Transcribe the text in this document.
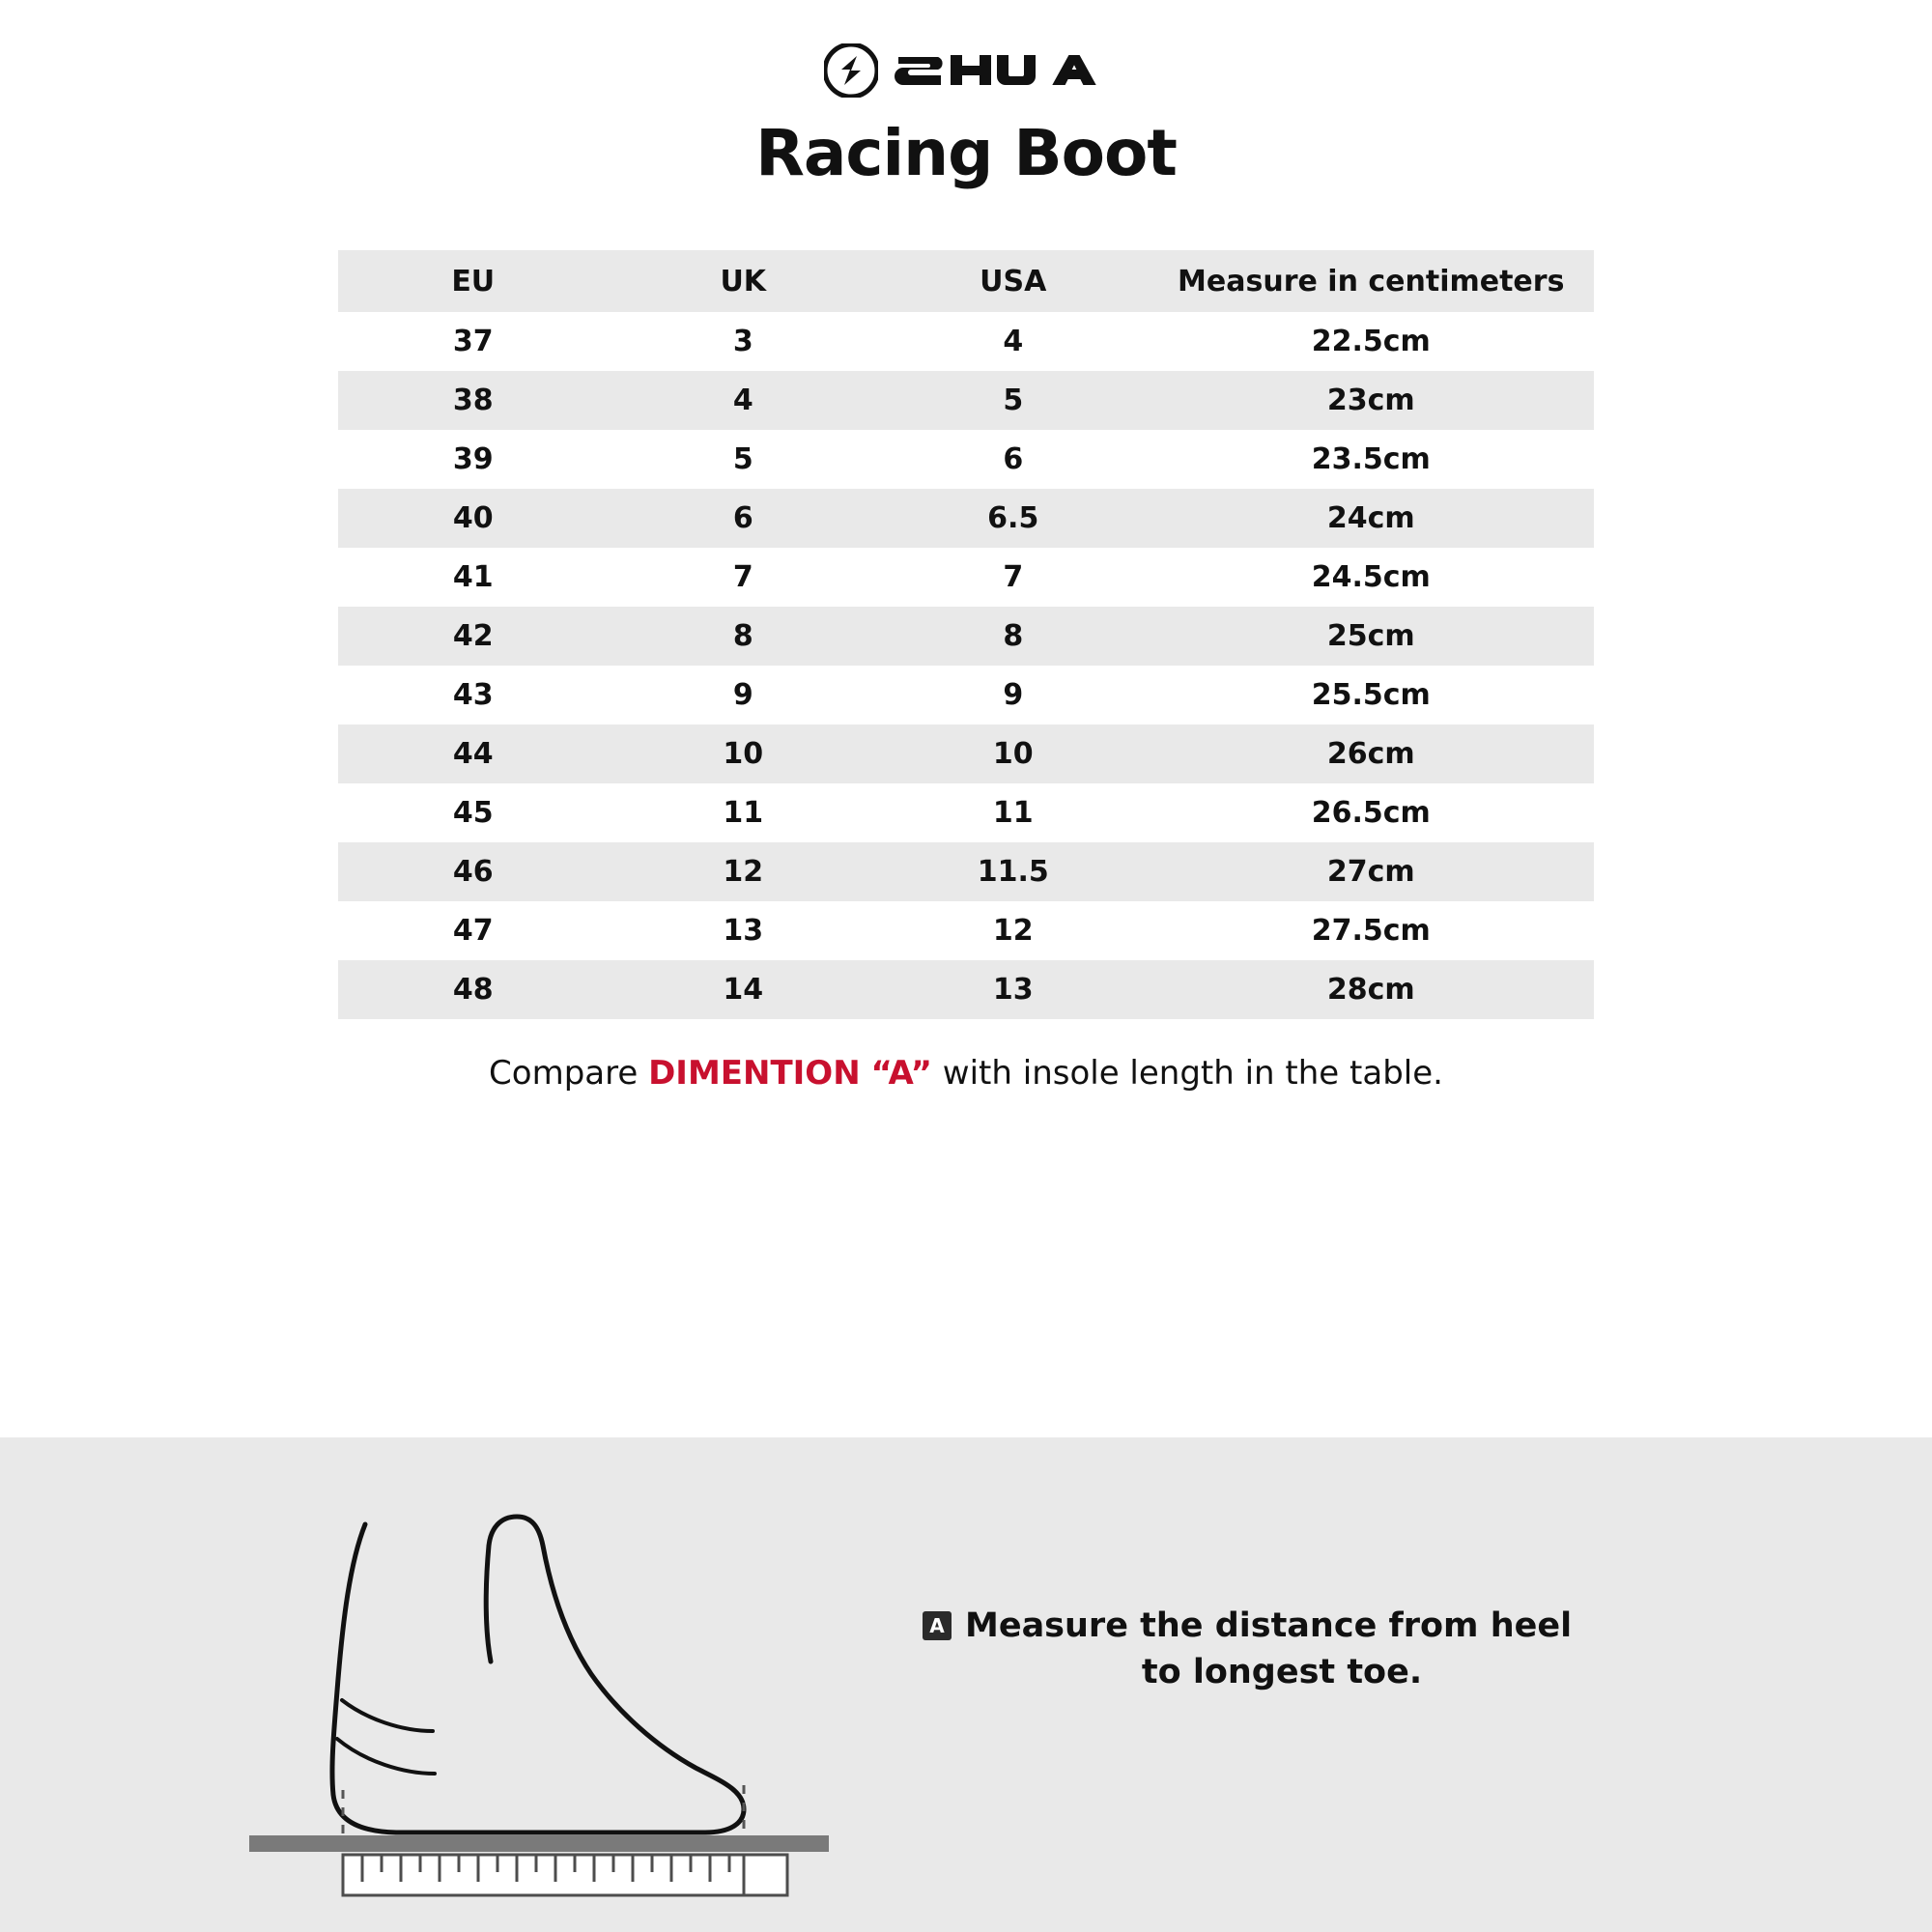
Racing Boot
EU	UK	USA	Measure in centimeters
37	3	4	22.5cm
38	4	5	23cm
39	5	6	23.5cm
40	6	6.5	24cm
41	7	7	24.5cm
42	8	8	25cm
43	9	9	25.5cm
44	10	10	26cm
45	11	11	26.5cm
46	12	11.5	27cm
47	13	12	27.5cm
48	14	13	28cm
Compare DIMENTION “A” with insole length in the table.
A Measure the distance from heel
to longest toe.
